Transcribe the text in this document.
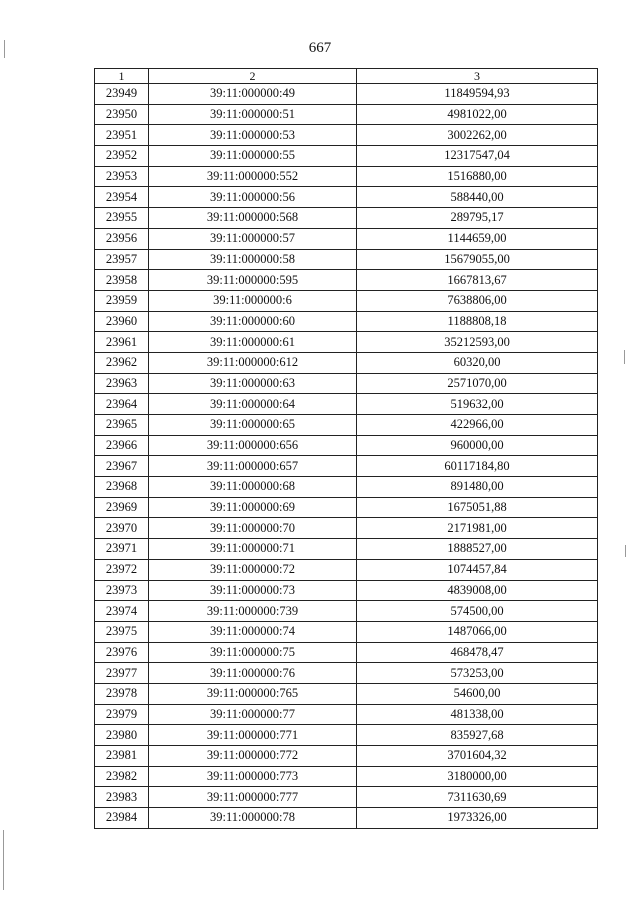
667
1	2	3
23949	39:11:000000:49	11849594,93
23950	39:11:000000:51	4981022,00
23951	39:11:000000:53	3002262,00
23952	39:11:000000:55	12317547,04
23953	39:11:000000:552	1516880,00
23954	39:11:000000:56	588440,00
23955	39:11:000000:568	289795,17
23956	39:11:000000:57	1144659,00
23957	39:11:000000:58	15679055,00
23958	39:11:000000:595	1667813,67
23959	39:11:000000:6	7638806,00
23960	39:11:000000:60	1188808,18
23961	39:11:000000:61	35212593,00
23962	39:11:000000:612	60320,00
23963	39:11:000000:63	2571070,00
23964	39:11:000000:64	519632,00
23965	39:11:000000:65	422966,00
23966	39:11:000000:656	960000,00
23967	39:11:000000:657	60117184,80
23968	39:11:000000:68	891480,00
23969	39:11:000000:69	1675051,88
23970	39:11:000000:70	2171981,00
23971	39:11:000000:71	1888527,00
23972	39:11:000000:72	1074457,84
23973	39:11:000000:73	4839008,00
23974	39:11:000000:739	574500,00
23975	39:11:000000:74	1487066,00
23976	39:11:000000:75	468478,47
23977	39:11:000000:76	573253,00
23978	39:11:000000:765	54600,00
23979	39:11:000000:77	481338,00
23980	39:11:000000:771	835927,68
23981	39:11:000000:772	3701604,32
23982	39:11:000000:773	3180000,00
23983	39:11:000000:777	7311630,69
23984	39:11:000000:78	1973326,00
